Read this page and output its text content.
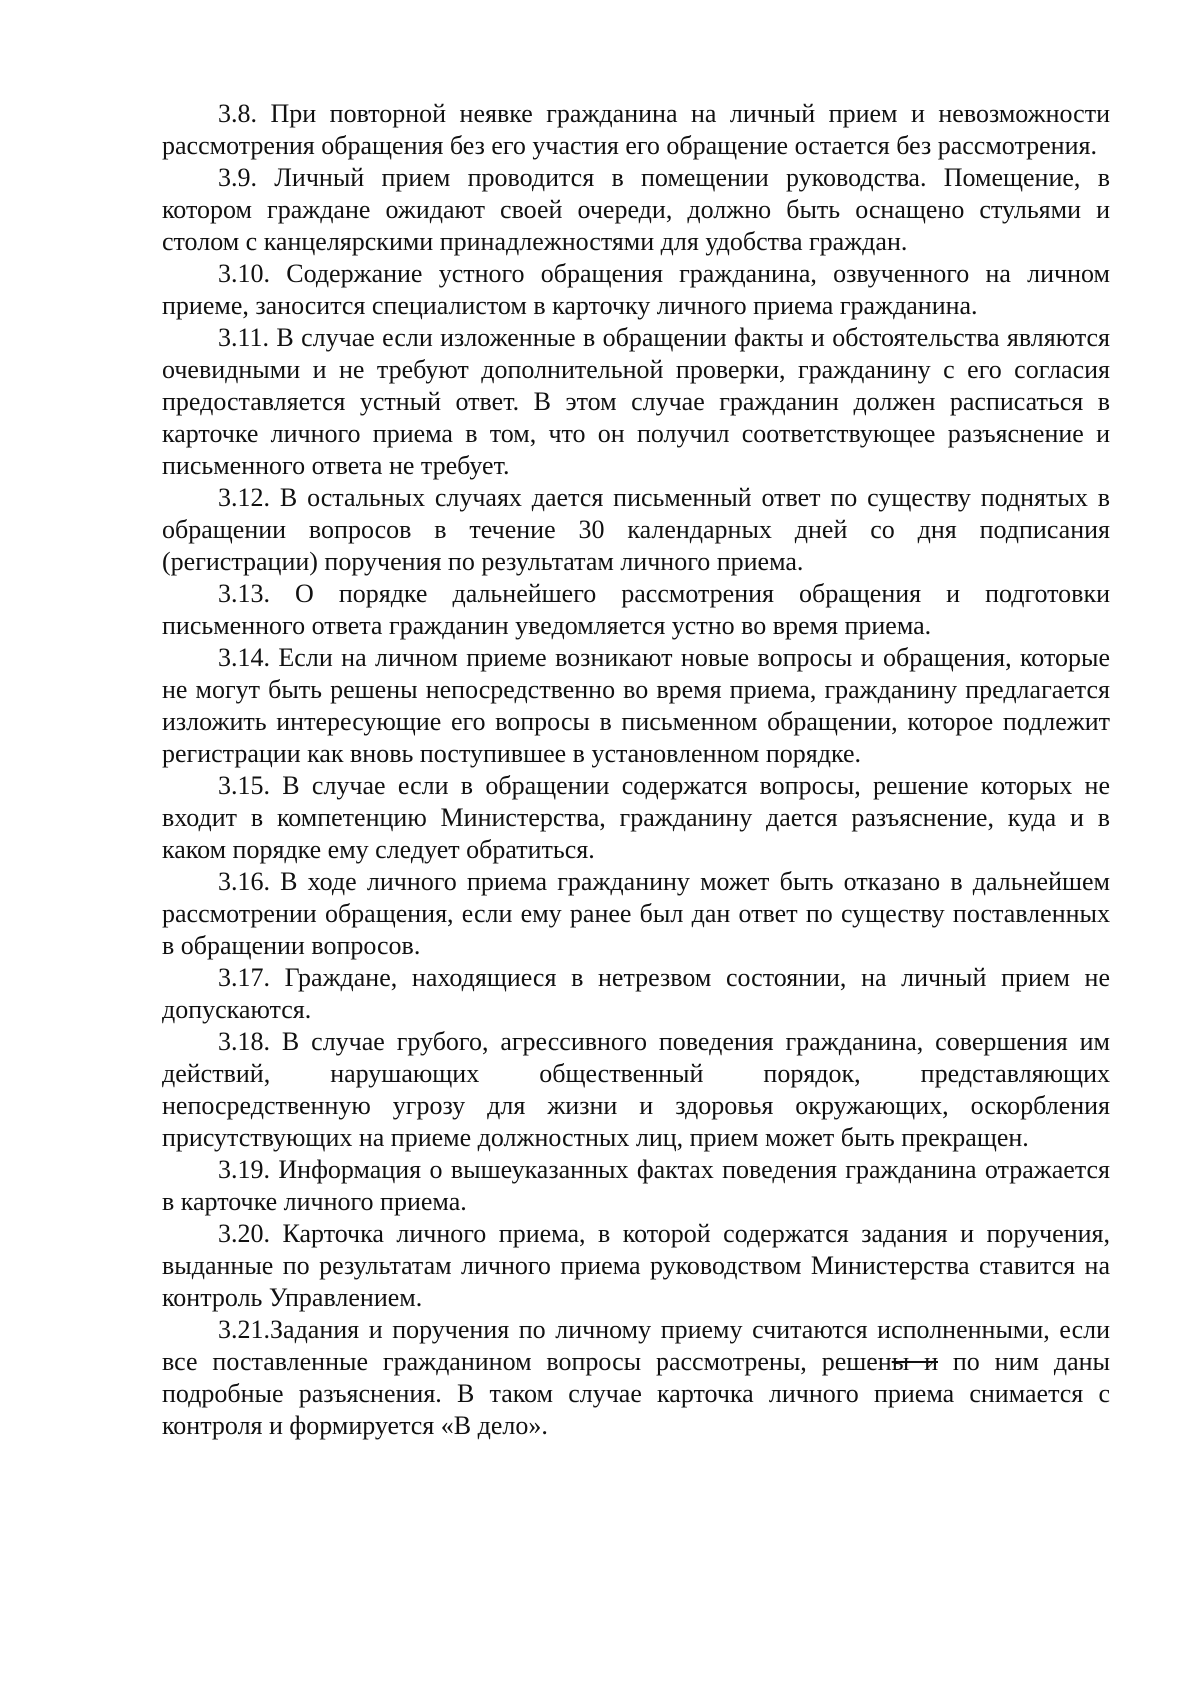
3.8. При повторной неявке гражданина на личный прием и невозможности рассмотрения обращения без его участия его обращение остается без рассмотрения.

3.9. Личный прием проводится в помещении руководства. Помещение, в котором граждане ожидают своей очереди, должно быть оснащено стульями и столом с канцелярскими принадлежностями для удобства граждан.

3.10. Содержание устного обращения гражданина, озвученного на личном приеме, заносится специалистом в карточку личного приема гражданина.

3.11. В случае если изложенные в обращении факты и обстоятельства являются очевидными и не требуют дополнительной проверки, гражданину с его согласия предоставляется устный ответ. В этом случае гражданин должен расписаться в карточке личного приема в том, что он получил соответствующее разъяснение и письменного ответа не требует.

3.12. В остальных случаях дается письменный ответ по существу поднятых в обращении вопросов в течение 30 календарных дней со дня подписания (регистрации) поручения по результатам личного приема.

3.13. О порядке дальнейшего рассмотрения обращения и подготовки письменного ответа гражданин уведомляется устно во время приема.

3.14. Если на личном приеме возникают новые вопросы и обращения, которые не могут быть решены непосредственно во время приема, гражданину предлагается изложить интересующие его вопросы в письменном обращении, которое подлежит регистрации как вновь поступившее в установленном порядке.

3.15. В случае если в обращении содержатся вопросы, решение которых не входит в компетенцию Министерства, гражданину дается разъяснение, куда и в каком порядке ему следует обратиться.

3.16. В ходе личного приема гражданину может быть отказано в дальнейшем рассмотрении обращения, если ему ранее был дан ответ по существу поставленных в обращении вопросов.

3.17. Граждане, находящиеся в нетрезвом состоянии, на личный прием не допускаются.

3.18. В случае грубого, агрессивного поведения гражданина, совершения им действий, нарушающих общественный порядок, представляющих непосредственную угрозу для жизни и здоровья окружающих, оскорбления присутствующих на приеме должностных лиц, прием может быть прекращен.

3.19. Информация о вышеуказанных фактах поведения гражданина отражается в карточке личного приема.

3.20. Карточка личного приема, в которой содержатся задания и поручения, выданные по результатам личного приема руководством Министерства ставится на контроль Управлением.

3.21.Задания и поручения по личному приему считаются исполненными, если все поставленные гражданином вопросы рассмотрены, решены и по ним даны подробные разъяснения. В таком случае карточка личного приема снимается с контроля и формируется «В дело».
